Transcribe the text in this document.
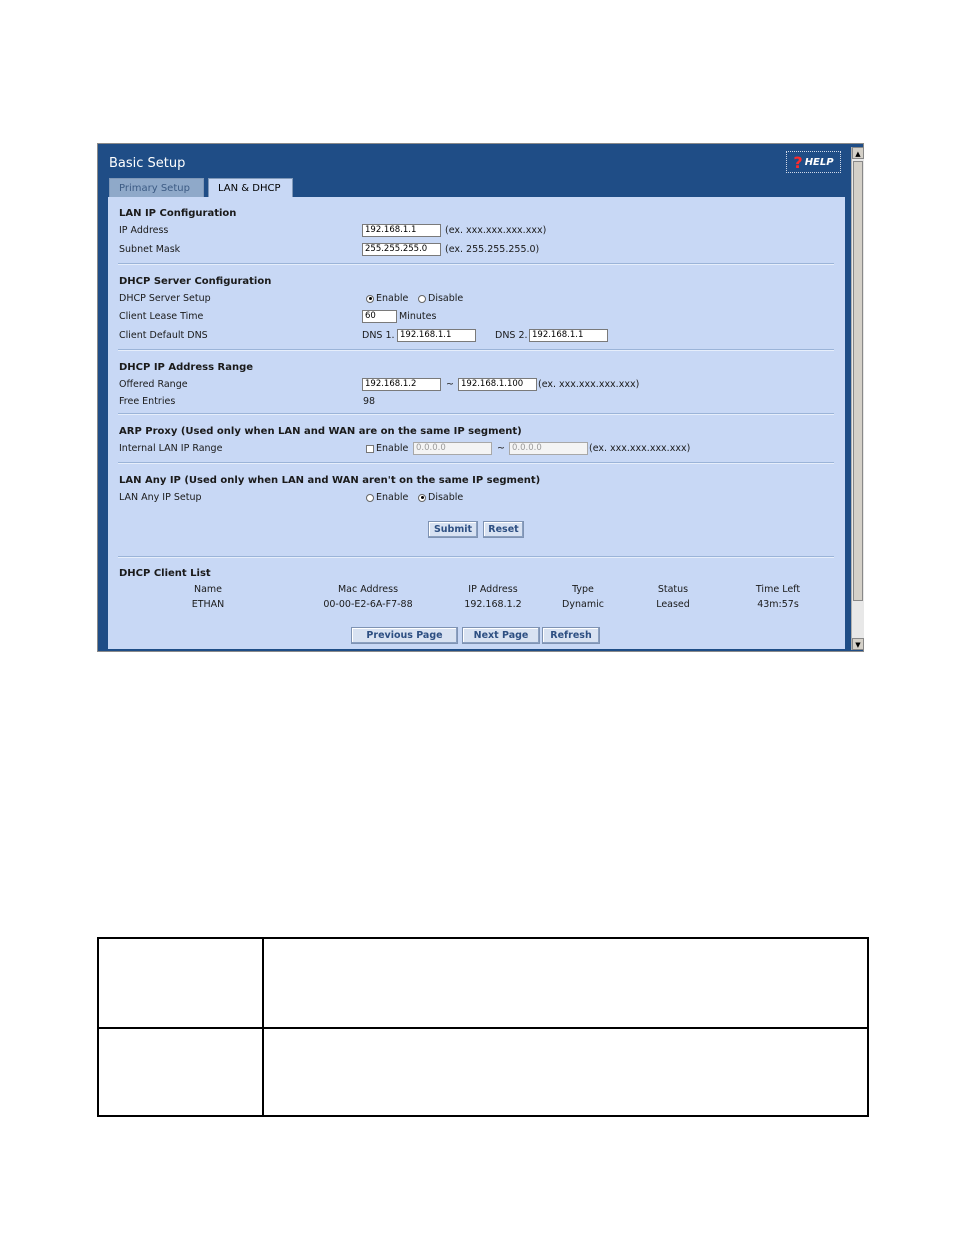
Basic Setup	? HELP
Primary Setup	LAN & DHCP
LAN IP Configuration
IP Address	192.168.1.1	(ex. xxx.xxx.xxx.xxx)
Subnet Mask	255.255.255.0	(ex. 255.255.255.0)
DHCP Server Configuration
DHCP Server Setup	Enable	Disable
Client Lease Time	60	Minutes
Client Default DNS	DNS 1. 192.168.1.1	DNS 2. 192.168.1.1
DHCP IP Address Range
Offered Range	192.168.1.2	~ 192.168.1.100	(ex. xxx.xxx.xxx.xxx)
Free Entries	98
ARP Proxy (Used only when LAN and WAN are on the same IP segment)
Internal LAN IP Range	Enable 0.0.0.0	~ 0.0.0.0	(ex. xxx.xxx.xxx.xxx)
LAN Any IP (Used only when LAN and WAN aren't on the same IP segment)
LAN Any IP Setup	Enable	Disable
Submit	Reset
DHCP Client List
Name	Mac Address	IP Address	Type	Status	Time Left
ETHAN	00-00-E2-6A-F7-88	192.168.1.2	Dynamic	Leased	43m:57s
Previous Page	Next Page	Refresh
▲
▼
